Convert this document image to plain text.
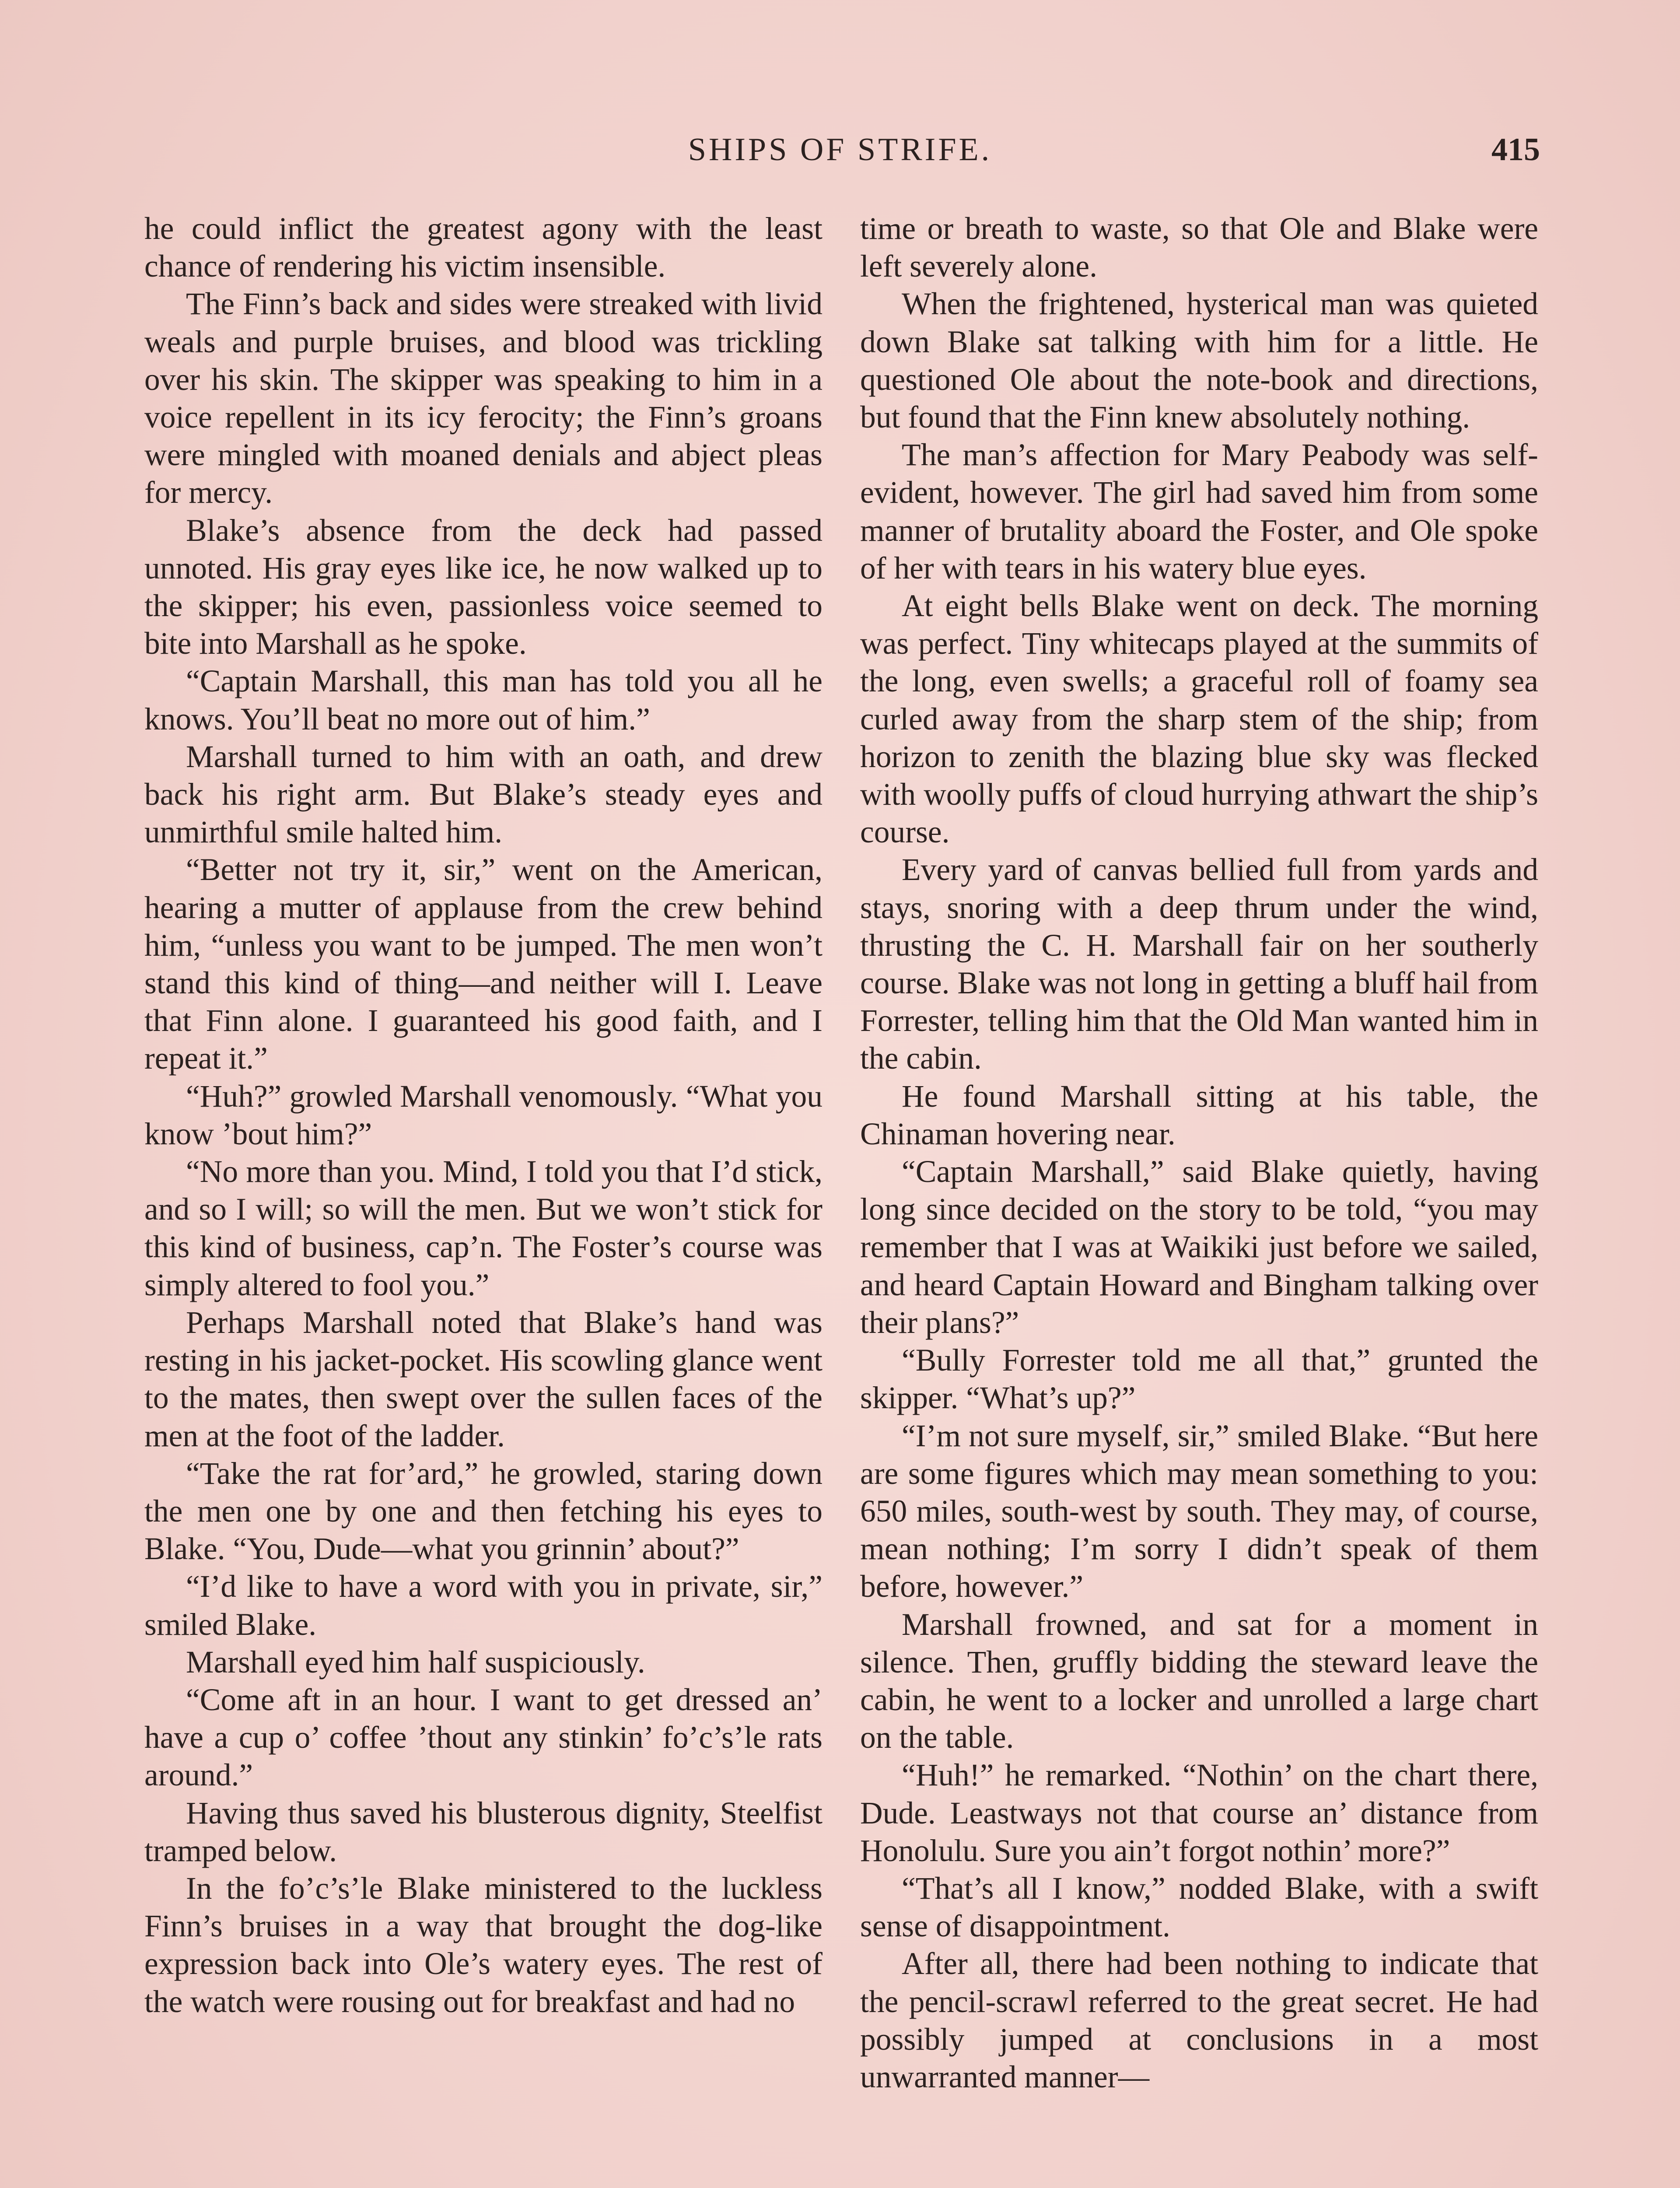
SHIPS OF STRIFE.	415

he could inflict the greatest agony with the least chance of rendering his victim insensible.

The Finn’s back and sides were streaked with livid weals and purple bruises, and blood was trickling over his skin. The skipper was speaking to him in a voice repellent in its icy ferocity; the Finn’s groans were mingled with moaned denials and abject pleas for mercy.

Blake’s absence from the deck had passed unnoted. His gray eyes like ice, he now walked up to the skipper; his even, passionless voice seemed to bite into Marshall as he spoke.

“Captain Marshall, this man has told you all he knows. You’ll beat no more out of him.”

Marshall turned to him with an oath, and drew back his right arm. But Blake’s steady eyes and unmirthful smile halted him.

“Better not try it, sir,” went on the American, hearing a mutter of applause from the crew behind him, “unless you want to be jumped. The men won’t stand this kind of thing—and neither will I. Leave that Finn alone. I guaranteed his good faith, and I repeat it.”

“Huh?” growled Marshall venomously. “What you know ’bout him?”

“No more than you. Mind, I told you that I’d stick, and so I will; so will the men. But we won’t stick for this kind of business, cap’n. The Foster’s course was simply altered to fool you.”

Perhaps Marshall noted that Blake’s hand was resting in his jacket-pocket. His scowling glance went to the mates, then swept over the sullen faces of the men at the foot of the ladder.

“Take the rat for’ard,” he growled, staring down the men one by one and then fetching his eyes to Blake. “You, Dude—what you grinnin’ about?”

“I’d like to have a word with you in private, sir,” smiled Blake.

Marshall eyed him half suspiciously.

“Come aft in an hour. I want to get dressed an’ have a cup o’ coffee ’thout any stinkin’ fo’c’s’le rats around.”

Having thus saved his blusterous dignity, Steelfist tramped below.

In the fo’c’s’le Blake ministered to the luckless Finn’s bruises in a way that brought the dog-like expression back into Ole’s watery eyes. The rest of the watch were rousing out for breakfast and had no

time or breath to waste, so that Ole and Blake were left severely alone.

When the frightened, hysterical man was quieted down Blake sat talking with him for a little. He questioned Ole about the note-book and directions, but found that the Finn knew absolutely nothing.

The man’s affection for Mary Peabody was self-evident, however. The girl had saved him from some manner of brutality aboard the Foster, and Ole spoke of her with tears in his watery blue eyes.

At eight bells Blake went on deck. The morning was perfect. Tiny whitecaps played at the summits of the long, even swells; a graceful roll of foamy sea curled away from the sharp stem of the ship; from horizon to zenith the blazing blue sky was flecked with woolly puffs of cloud hurrying athwart the ship’s course.

Every yard of canvas bellied full from yards and stays, snoring with a deep thrum under the wind, thrusting the C. H. Marshall fair on her southerly course. Blake was not long in getting a bluff hail from Forrester, telling him that the Old Man wanted him in the cabin.

He found Marshall sitting at his table, the Chinaman hovering near.

“Captain Marshall,” said Blake quietly, having long since decided on the story to be told, “you may remember that I was at Waikiki just before we sailed, and heard Captain Howard and Bingham talking over their plans?”

“Bully Forrester told me all that,” grunted the skipper. “What’s up?”

“I’m not sure myself, sir,” smiled Blake. “But here are some figures which may mean something to you: 650 miles, south-west by south. They may, of course, mean nothing; I’m sorry I didn’t speak of them before, however.”

Marshall frowned, and sat for a moment in silence. Then, gruffly bidding the steward leave the cabin, he went to a locker and unrolled a large chart on the table.

“Huh!” he remarked. “Nothin’ on the chart there, Dude. Leastways not that course an’ distance from Honolulu. Sure you ain’t forgot nothin’ more?”

“That’s all I know,” nodded Blake, with a swift sense of disappointment.

After all, there had been nothing to indicate that the pencil-scrawl referred to the great secret. He had possibly jumped at conclusions in a most unwarranted manner—
